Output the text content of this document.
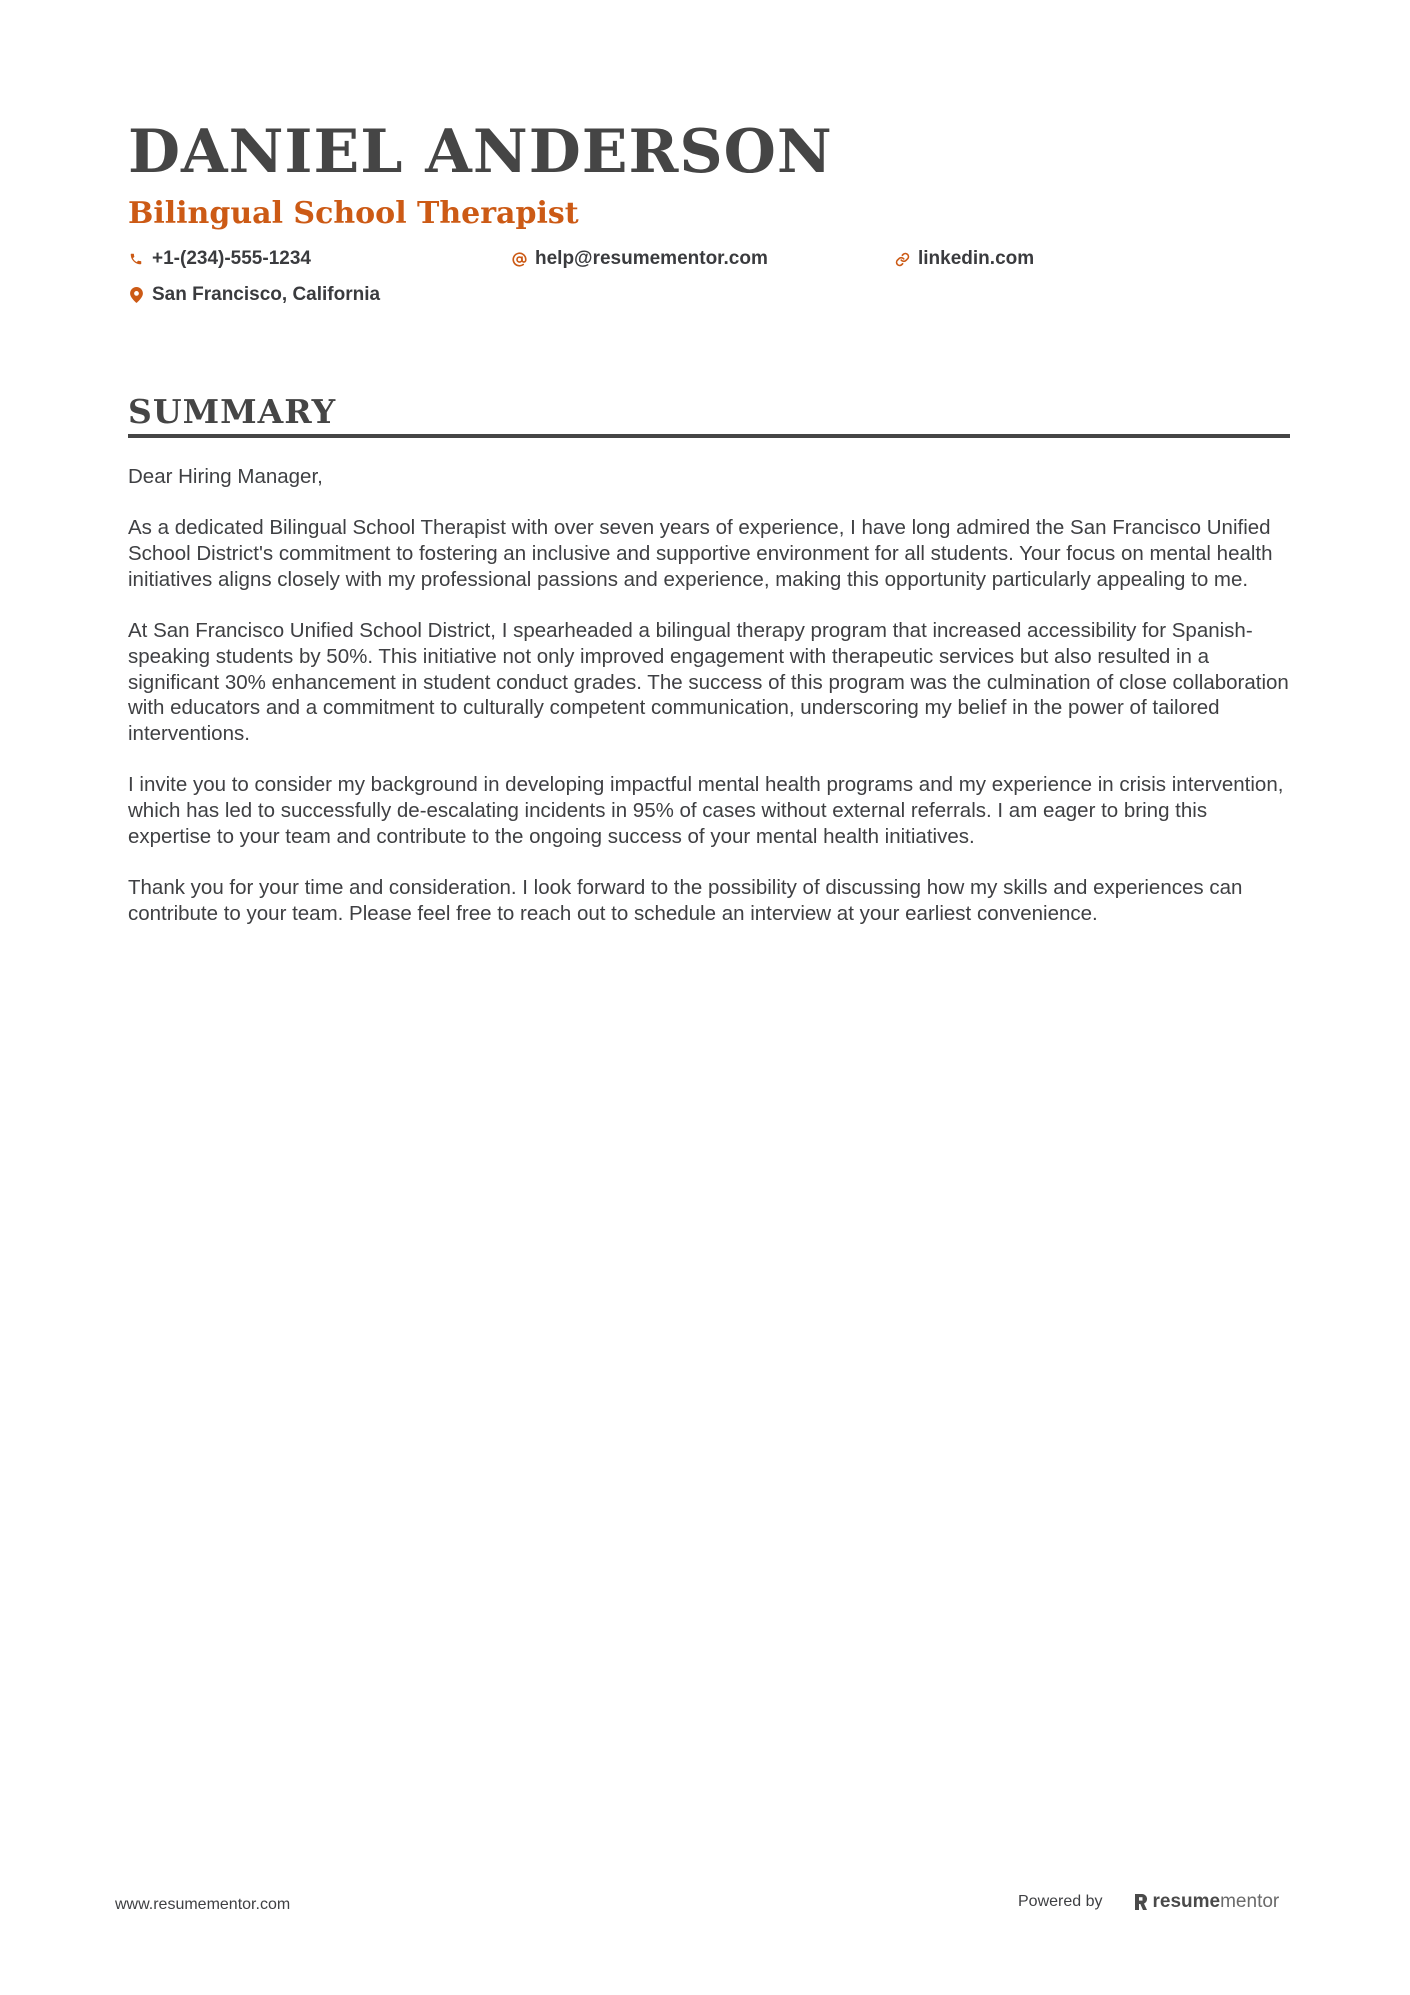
DANIEL ANDERSON
Bilingual School Therapist
+1-(234)-555-1234	help@resumementor.com	linkedin.com
San Francisco, California
SUMMARY

Dear Hiring Manager,

As a dedicated Bilingual School Therapist with over seven years of experience, I have long admired the San Francisco Unified School District's commitment to fostering an inclusive and supportive environment for all students. Your focus on mental health initiatives aligns closely with my professional passions and experience, making this opportunity particularly appealing to me.

At San Francisco Unified School District, I spearheaded a bilingual therapy program that increased accessibility for Spanish-speaking students by 50%. This initiative not only improved engagement with therapeutic services but also resulted in a significant 30% enhancement in student conduct grades. The success of this program was the culmination of close collaboration with educators and a commitment to culturally competent communication, underscoring my belief in the power of tailored interventions.

I invite you to consider my background in developing impactful mental health programs and my experience in crisis intervention, which has led to successfully de-escalating incidents in 95% of cases without external referrals. I am eager to bring this expertise to your team and contribute to the ongoing success of your mental health initiatives.

Thank you for your time and consideration. I look forward to the possibility of discussing how my skills and experiences can contribute to your team. Please feel free to reach out to schedule an interview at your earliest convenience.

www.resumementor.com	Powered by	resume mentor
